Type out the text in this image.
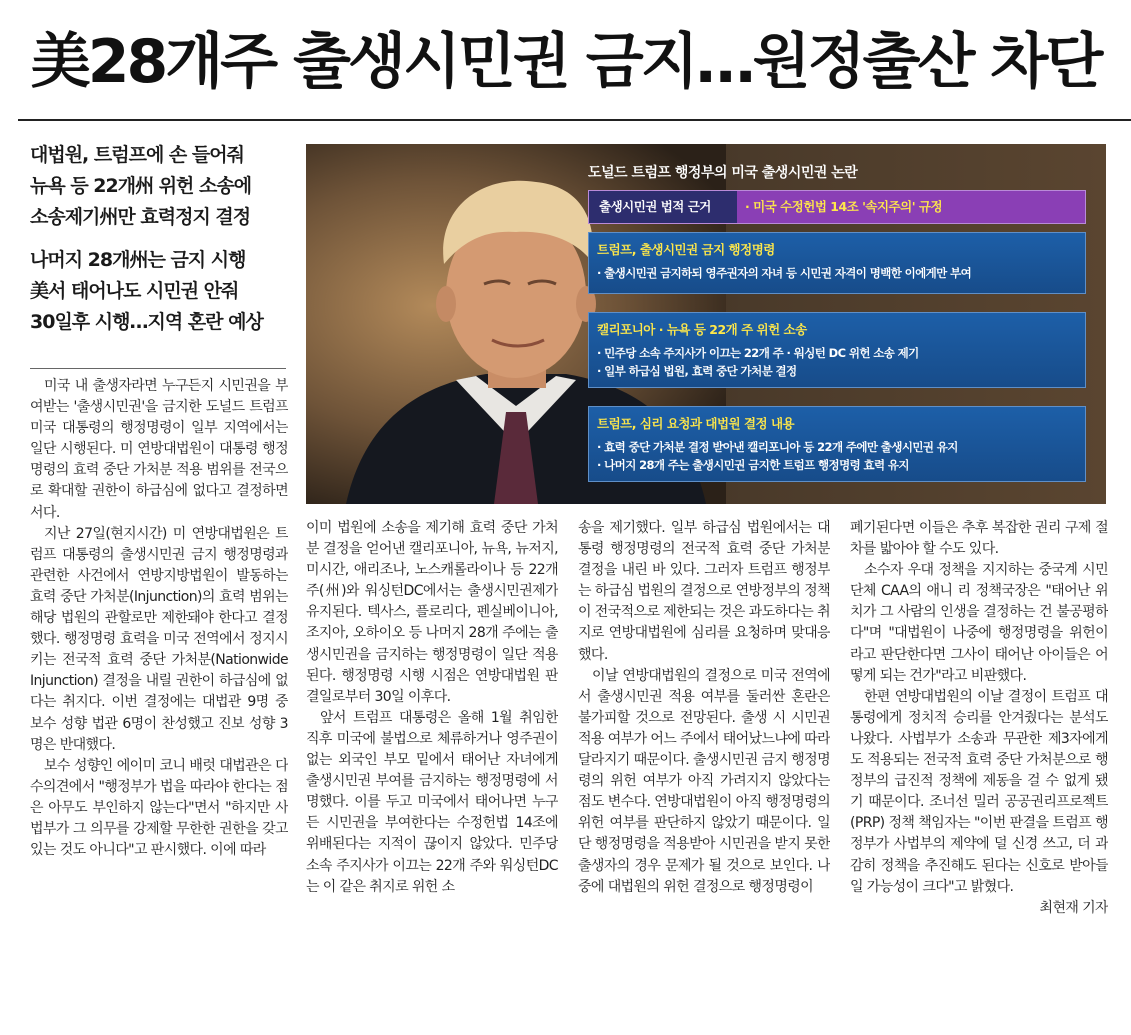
美28개주 출생시민권 금지…원정출산 차단
대법원, 트럼프에 손 들어줘
뉴욕 등 22개州 위헌 소송에
소송제기州만 효력정지 결정
나머지 28개州는 금지 시행
美서 태어나도 시민권 안줘
30일후 시행…지역 혼란 예상
도널드 트럼프 행정부의 미국 출생시민권 논란
출생시민권 법적 근거	· 미국 수정헌법 14조 '속지주의' 규정
트럼프, 출생시민권 금지 행정명령
· 출생시민권 금지하되 영주권자의 자녀 등 시민권 자격이 명백한 이에게만 부여
캘리포니아 · 뉴욕 등 22개 주 위헌 소송
· 민주당 소속 주지사가 이끄는 22개 주 · 워싱턴 DC 위헌 소송 제기
· 일부 하급심 법원, 효력 중단 가처분 결정
트럼프, 심리 요청과 대법원 결정 내용
· 효력 중단 가처분 결정 받아낸 캘리포니아 등 22개 주에만 출생시민권 유지
· 나머지 28개 주는 출생시민권 금지한 트럼프 행정명령 효력 유지

미국 내 출생자라면 누구든지 시민권을 부여받는 '출생시민권'을 금지한 도널드 트럼프 미국 대통령의 행정명령이 일부 지역에서는 일단 시행된다. 미 연방대법원이 대통령 행정명령의 효력 중단 가처분 적용 범위를 전국으로 확대할 권한이 하급심에 없다고 결정하면서다.

지난 27일(현지시간) 미 연방대법원은 트럼프 대통령의 출생시민권 금지 행정명령과 관련한 사건에서 연방지방법원이 발동하는 효력 중단 가처분(Injunction)의 효력 범위는 해당 법원의 관할로만 제한돼야 한다고 결정했다. 행정명령 효력을 미국 전역에서 정지시키는 전국적 효력 중단 가처분(Nationwide Injunction) 결정을 내릴 권한이 하급심에 없다는 취지다. 이번 결정에는 대법관 9명 중 보수 성향 법관 6명이 찬성했고 진보 성향 3명은 반대했다.

보수 성향인 에이미 코니 배럿 대법관은 다수의견에서 "행정부가 법을 따라야 한다는 점은 아무도 부인하지 않는다"면서 "하지만 사법부가 그 의무를 강제할 무한한 권한을 갖고 있는 것도 아니다"고 판시했다. 이에 따라

이미 법원에 소송을 제기해 효력 중단 가처분 결정을 얻어낸 캘리포니아, 뉴욕, 뉴저지, 미시간, 애리조나, 노스캐롤라이나 등 22개 주(州)와 워싱턴DC에서는 출생시민권제가 유지된다. 텍사스, 플로리다, 펜실베이니아, 조지아, 오하이오 등 나머지 28개 주에는 출생시민권을 금지하는 행정명령이 일단 적용된다. 행정명령 시행 시점은 연방대법원 판결일로부터 30일 이후다.

앞서 트럼프 대통령은 올해 1월 취임한 직후 미국에 불법으로 체류하거나 영주권이 없는 외국인 부모 밑에서 태어난 자녀에게 출생시민권 부여를 금지하는 행정명령에 서명했다. 이를 두고 미국에서 태어나면 누구든 시민권을 부여한다는 수정헌법 14조에 위배된다는 지적이 끊이지 않았다. 민주당 소속 주지사가 이끄는 22개 주와 워싱턴DC는 이 같은 취지로 위헌 소

송을 제기했다. 일부 하급심 법원에서는 대통령 행정명령의 전국적 효력 중단 가처분 결정을 내린 바 있다. 그러자 트럼프 행정부는 하급심 법원의 결정으로 연방정부의 정책이 전국적으로 제한되는 것은 과도하다는 취지로 연방대법원에 심리를 요청하며 맞대응했다.

이날 연방대법원의 결정으로 미국 전역에서 출생시민권 적용 여부를 둘러싼 혼란은 불가피할 것으로 전망된다. 출생 시 시민권 적용 여부가 어느 주에서 태어났느냐에 따라 달라지기 때문이다. 출생시민권 금지 행정명령의 위헌 여부가 아직 가려지지 않았다는 점도 변수다. 연방대법원이 아직 행정명령의 위헌 여부를 판단하지 않았기 때문이다. 일단 행정명령을 적용받아 시민권을 받지 못한 출생자의 경우 문제가 될 것으로 보인다. 나중에 대법원의 위헌 결정으로 행정명령이

폐기된다면 이들은 추후 복잡한 권리 구제 절차를 밟아야 할 수도 있다.

소수자 우대 정책을 지지하는 중국계 시민단체 CAA의 애니 리 정책국장은 "태어난 위치가 그 사람의 인생을 결정하는 건 불공평하다"며 "대법원이 나중에 행정명령을 위헌이라고 판단한다면 그사이 태어난 아이들은 어떻게 되는 건가"라고 비판했다.

한편 연방대법원의 이날 결정이 트럼프 대통령에게 정치적 승리를 안겨줬다는 분석도 나왔다. 사법부가 소송과 무관한 제3자에게도 적용되는 전국적 효력 중단 가처분으로 행정부의 급진적 정책에 제동을 걸 수 없게 됐기 때문이다. 조너선 밀러 공공권리프로젝트(PRP) 정책 책임자는 "이번 판결을 트럼프 행정부가 사법부의 제약에 덜 신경 쓰고, 더 과감히 정책을 추진해도 된다는 신호로 받아들일 가능성이 크다"고 밝혔다.

최현재 기자
